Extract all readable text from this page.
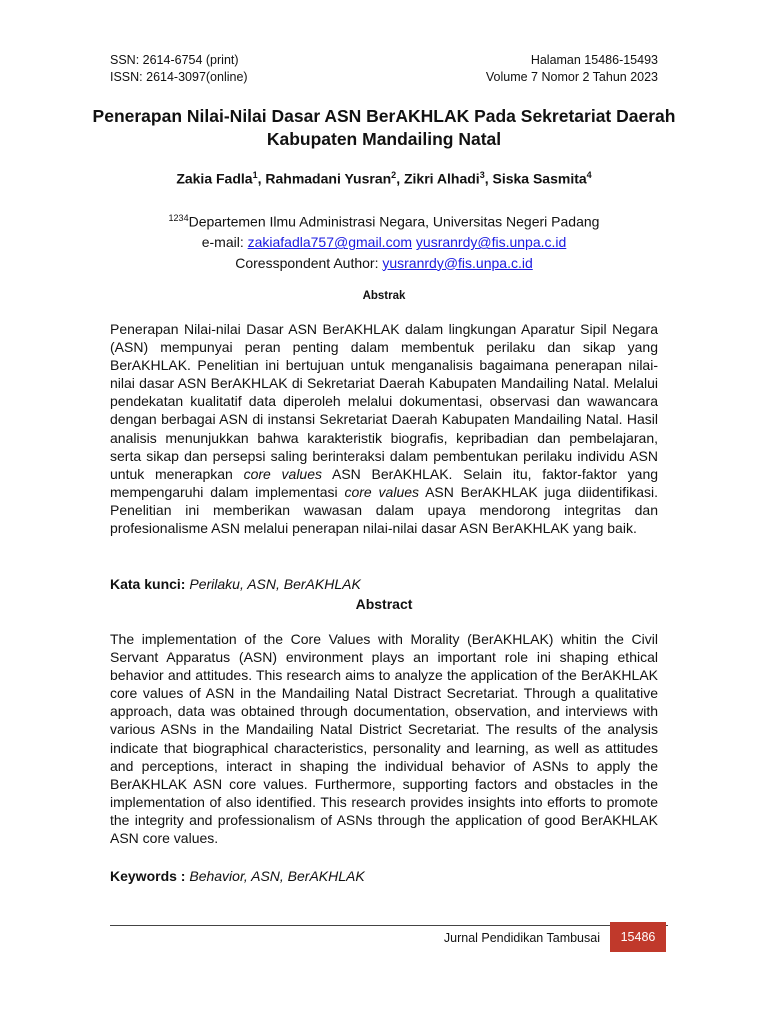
SSN: 2614-6754 (print)
ISSN: 2614-3097(online)
Halaman 15486-15493
Volume 7 Nomor 2 Tahun 2023
Penerapan Nilai-Nilai Dasar ASN BerAKHLAK Pada Sekretariat Daerah Kabupaten Mandailing Natal
Zakia Fadla$^1$, Rahmadani Yusran$^2$, Zikri Alhadi$^3$, Siska Sasmita$^4$
$^{1234}$Departemen Ilmu Administrasi Negara, Universitas Negeri Padang
e-mail: zakiafadla757@gmail.com yusranrdy@fis.unpa.c.id
Coresspondent Author: yusranrdy@fis.unpa.c.id
Abstrak
Penerapan Nilai-nilai Dasar ASN BerAKHLAK dalam lingkungan Aparatur Sipil Negara (ASN) mempunyai peran penting dalam membentuk perilaku dan sikap yang BerAKHLAK. Penelitian ini bertujuan untuk menganalisis bagaimana penerapan nilai-nilai dasar ASN BerAKHLAK di Sekretariat Daerah Kabupaten Mandailing Natal. Melalui pendekatan kualitatif data diperoleh melalui dokumentasi, observasi dan wawancara dengan berbagai ASN di instansi Sekretariat Daerah Kabupaten Mandailing Natal. Hasil analisis menunjukkan bahwa karakteristik biografis, kepribadian dan pembelajaran, serta sikap dan persepsi saling berinteraksi dalam pembentukan perilaku individu ASN untuk menerapkan core values ASN BerAKHLAK. Selain itu, faktor-faktor yang mempengaruhi dalam implementasi core values ASN BerAKHLAK juga diidentifikasi. Penelitian ini memberikan wawasan dalam upaya mendorong integritas dan profesionalisme ASN melalui penerapan nilai-nilai dasar ASN BerAKHLAK yang baik.
Kata kunci: Perilaku, ASN, BerAKHLAK
Abstract
The implementation of the Core Values with Morality (BerAKHLAK) whitin the Civil Servant Apparatus (ASN) environment plays an important role ini shaping ethical behavior and attitudes. This research aims to analyze the application of the BerAKHLAK core values of ASN in the Mandailing Natal Distract Secretariat. Through a qualitative approach, data was obtained through documentation, observation, and interviews with various ASNs in the Mandailing Natal District Secretariat. The results of the analysis indicate that biographical characteristics, personality and learning, as well as attitudes and perceptions, interact in shaping the individual behavior of ASNs to apply the BerAKHLAK ASN core values. Furthermore, supporting factors and obstacles in the implementation of also identified. This research provides insights into efforts to promote the integrity and professionalism of ASNs through the application of good BerAKHLAK ASN core values.
Keywords : Behavior, ASN, BerAKHLAK
Jurnal Pendidikan Tambusai 15486
